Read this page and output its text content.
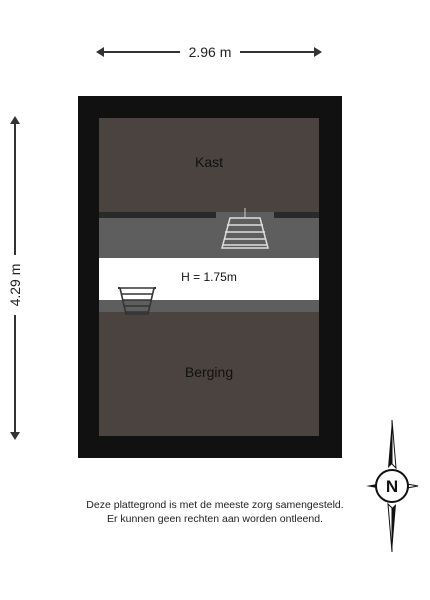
2.96 m
4.29 m
Kast
H = 1.75m
Berging
N
Deze plattegrond is met de meeste zorg samengesteld.
Er kunnen geen rechten aan worden ontleend.
